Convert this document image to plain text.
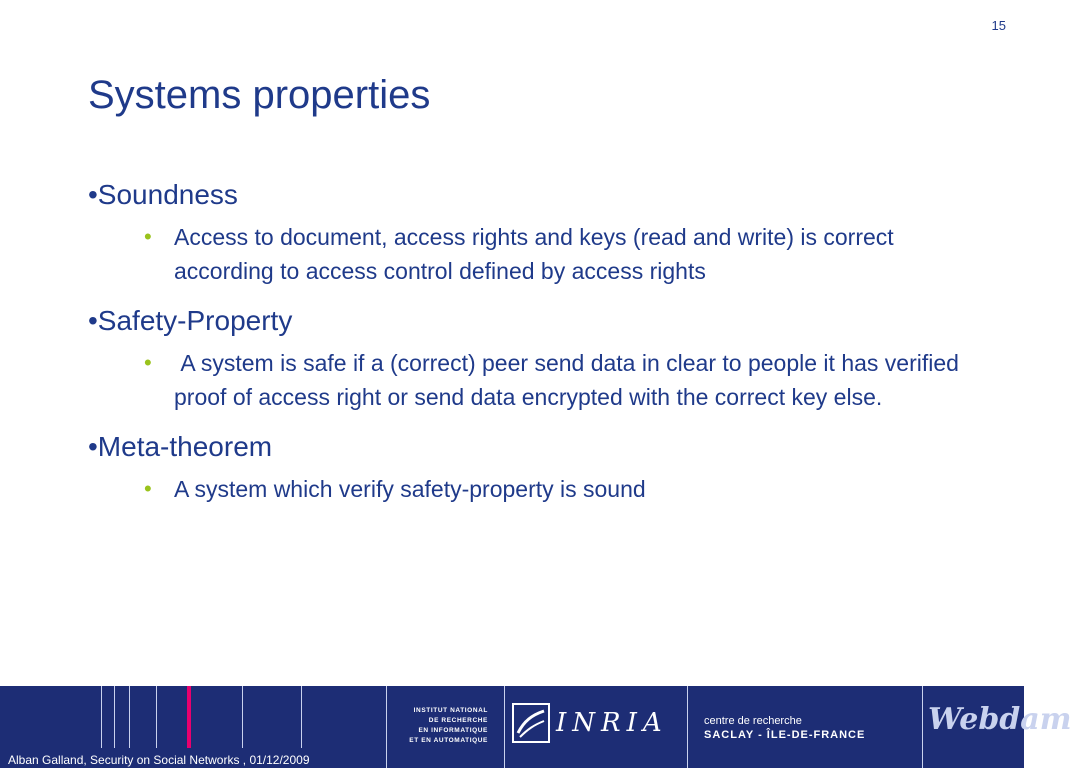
15
Systems properties
•Soundness
• Access to document, access rights and keys (read and write) is correct according to access control defined by access rights
•Safety-Property
• A system is safe if a (correct) peer send data in clear to people it has verified proof of access right or send data encrypted with the correct key else.
•Meta-theorem
• A system which verify safety-property is sound
INSTITUT NATIONAL
DE RECHERCHE
EN INFORMATIQUE
ET EN AUTOMATIQUE
INRIA	centre de recherche
SACLAY - ÎLE-DE-FRANCE Webdam
Alban Galland, Security on Social Networks , 01/12/2009
